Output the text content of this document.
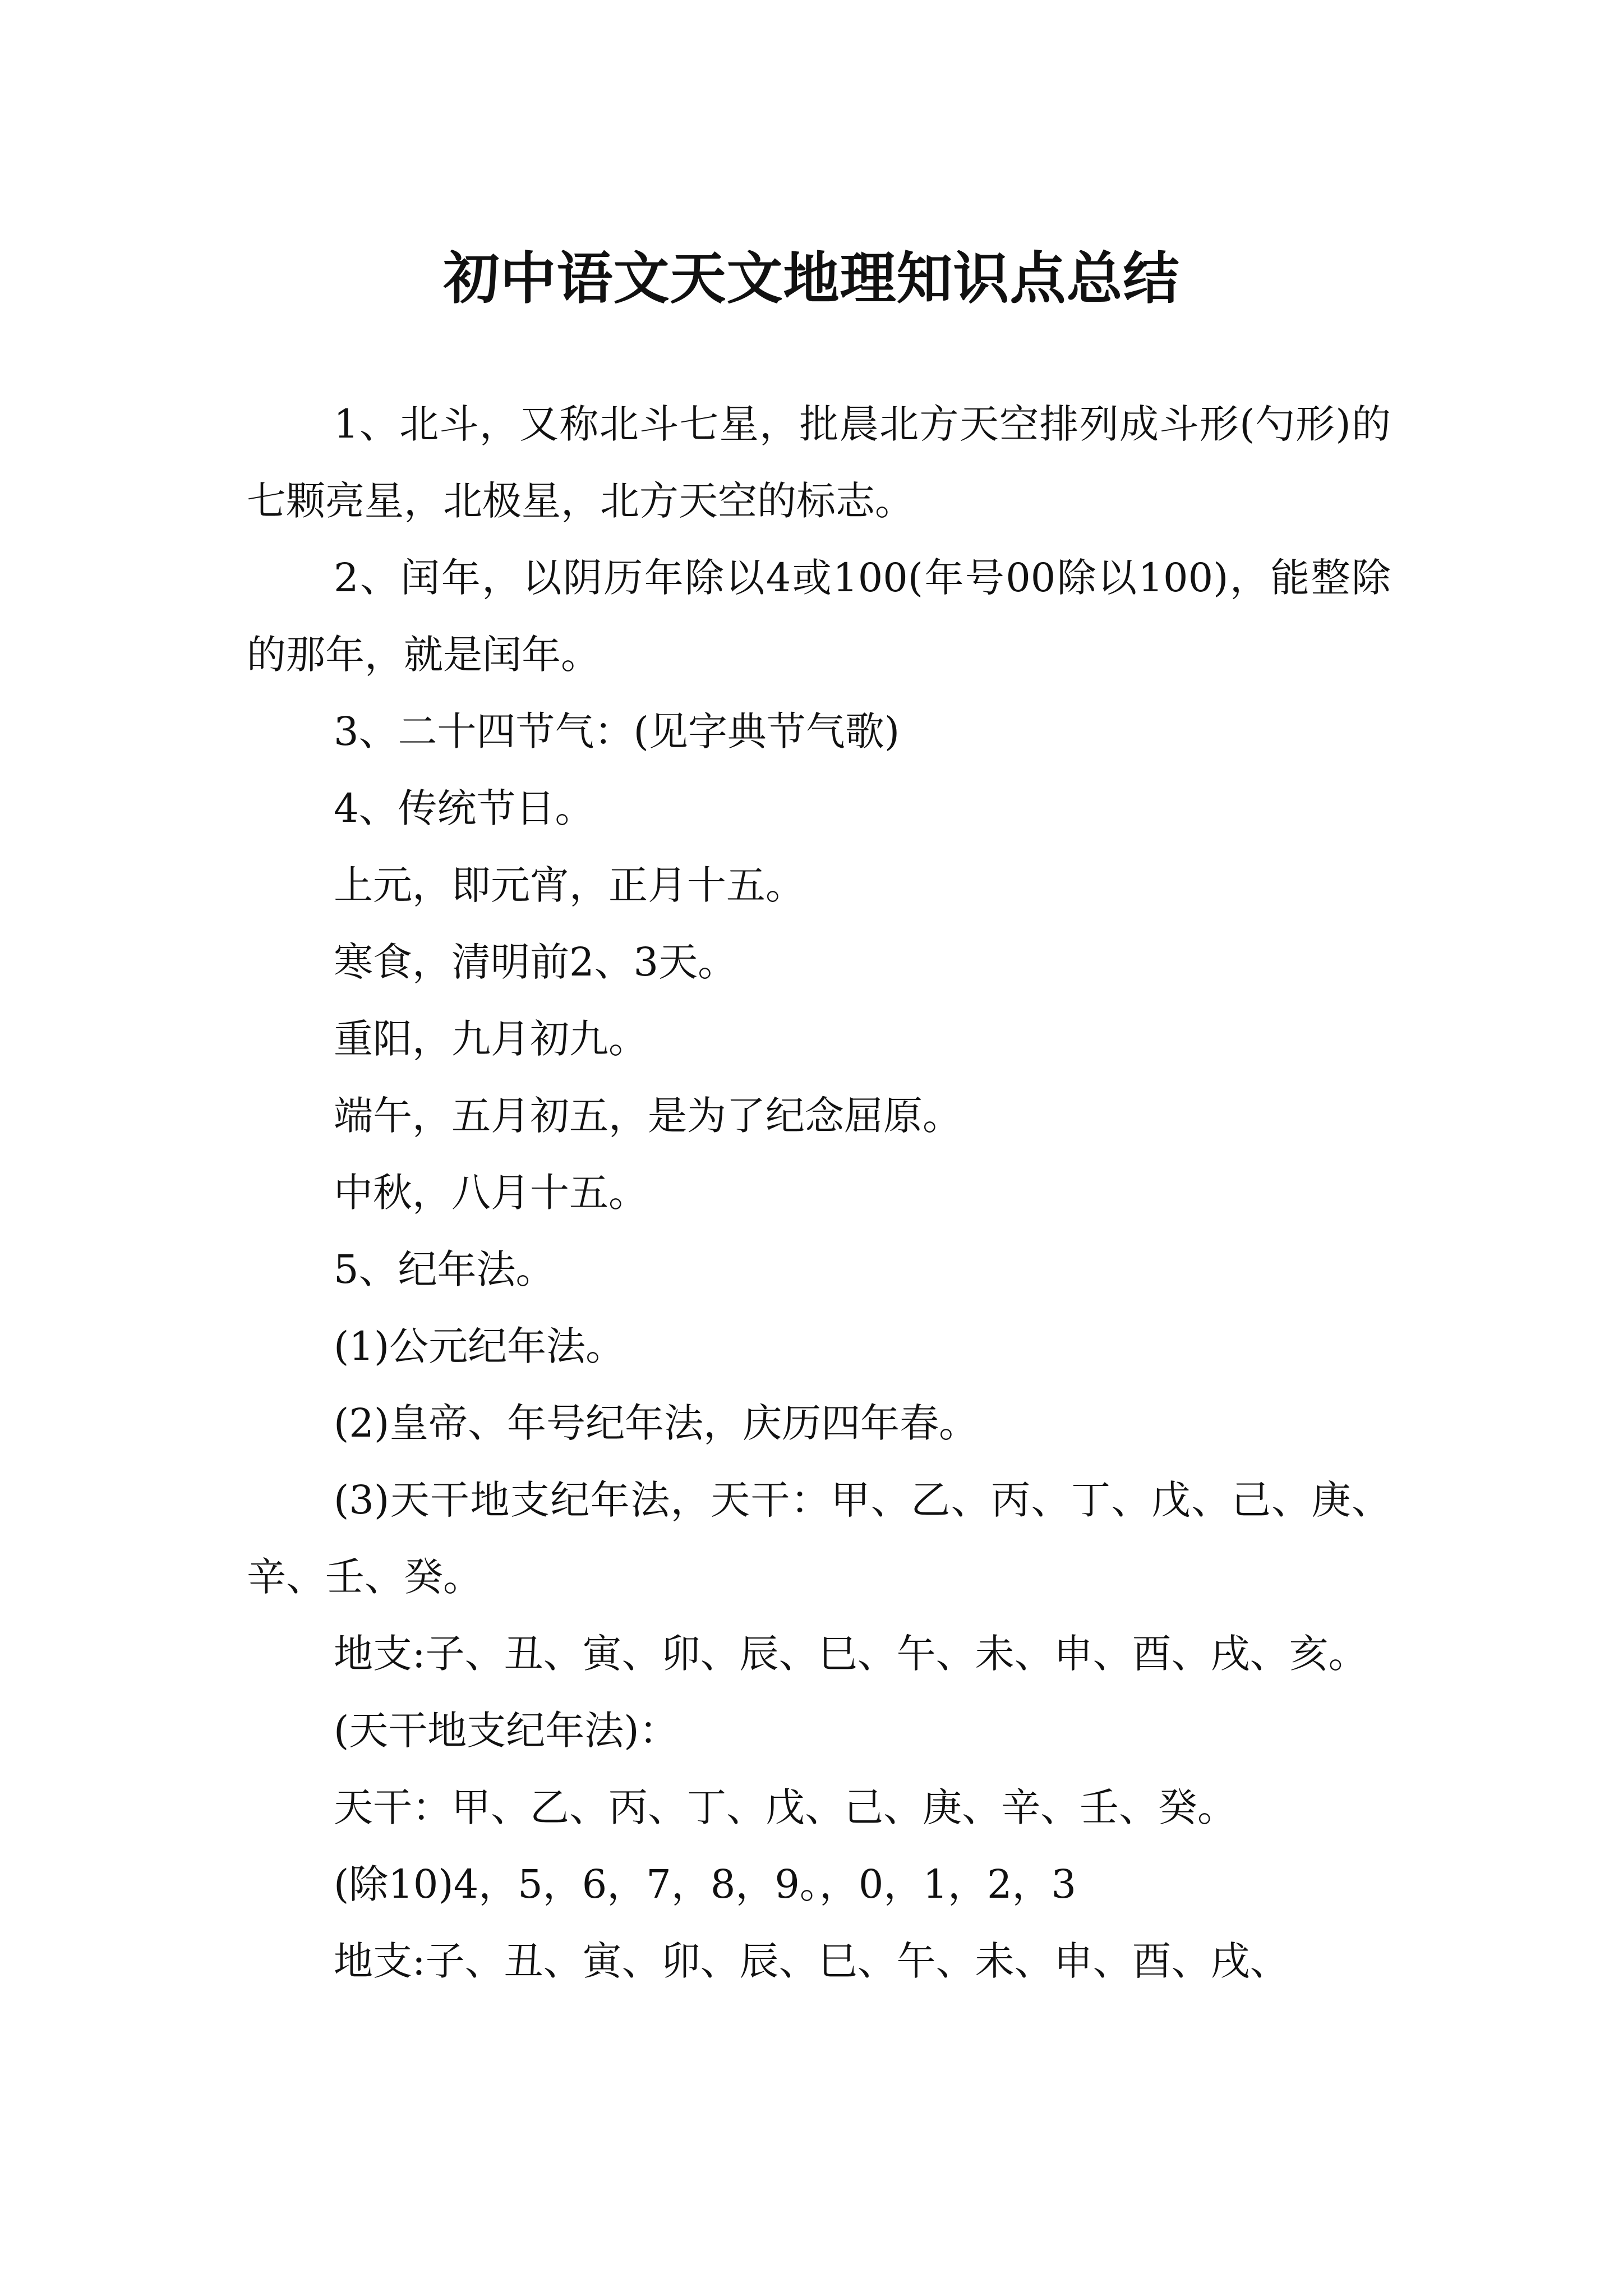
初中语文天文地理知识点总结

1、北斗，又称北斗七星，批晨北方天空排列成斗形(勺形)的七颗亮星，北极星，北方天空的标志。

2、闰年，以阴历年除以4或100(年号00除以100)，能整除的那年，就是闰年。

3、二十四节气：(见字典节气歌)

4、传统节日。

上元，即元宵，正月十五。

寒食，清明前2、3天。

重阳，九月初九。

端午，五月初五，是为了纪念屈原。

中秋，八月十五。

5、纪年法。

(1)公元纪年法。

(2)皇帝、年号纪年法，庆历四年春。

(3)天干地支纪年法，天干：甲、乙、丙、丁、戊、己、庚、辛、壬、癸。

地支:子、丑、寅、卯、辰、巳、午、未、申、酉、戌、亥。

(天干地支纪年法)：

天干：甲、乙、丙、丁、戊、己、庚、辛、壬、癸。

(除10)4，5，6，7，8，9。，0，1，2，3

地支:子、丑、寅、卯、辰、巳、午、未、申、酉、戌、
